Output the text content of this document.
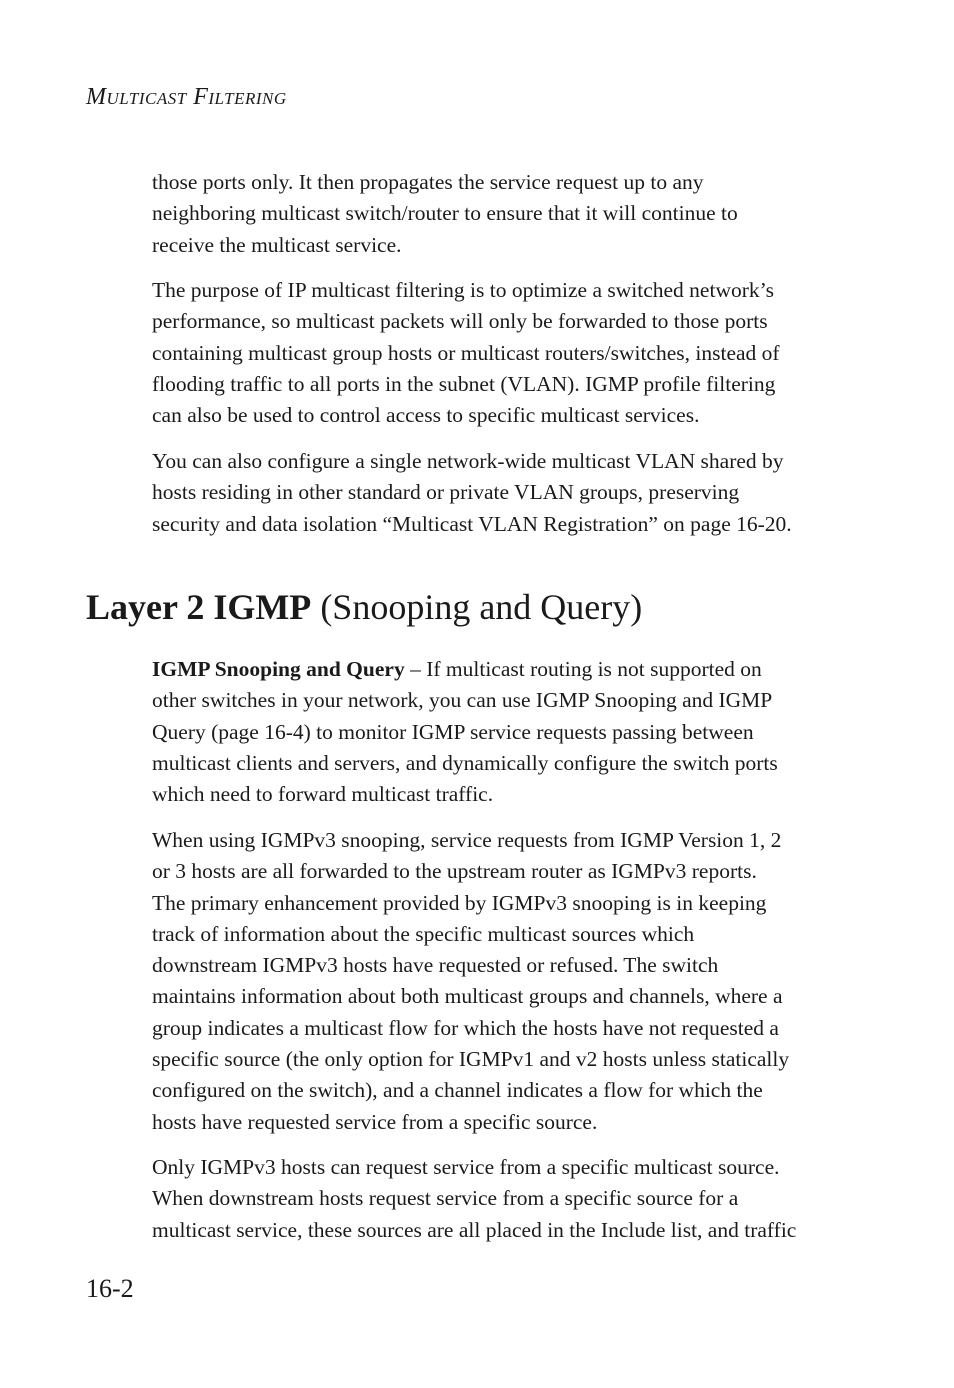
MULTICAST FILTERING
those ports only. It then propagates the service request up to any
neighboring multicast switch/router to ensure that it will continue to
receive the multicast service.
The purpose of IP multicast filtering is to optimize a switched network’s
performance, so multicast packets will only be forwarded to those ports
containing multicast group hosts or multicast routers/switches, instead of
flooding traffic to all ports in the subnet (VLAN). IGMP profile filtering
can also be used to control access to specific multicast services.
You can also configure a single network-wide multicast VLAN shared by
hosts residing in other standard or private VLAN groups, preserving
security and data isolation “Multicast VLAN Registration” on page 16-20.
Layer 2 IGMP (Snooping and Query)
IGMP Snooping and Query – If multicast routing is not supported on
other switches in your network, you can use IGMP Snooping and IGMP
Query (page 16-4) to monitor IGMP service requests passing between
multicast clients and servers, and dynamically configure the switch ports
which need to forward multicast traffic.
When using IGMPv3 snooping, service requests from IGMP Version 1, 2
or 3 hosts are all forwarded to the upstream router as IGMPv3 reports.
The primary enhancement provided by IGMPv3 snooping is in keeping
track of information about the specific multicast sources which
downstream IGMPv3 hosts have requested or refused. The switch
maintains information about both multicast groups and channels, where a
group indicates a multicast flow for which the hosts have not requested a
specific source (the only option for IGMPv1 and v2 hosts unless statically
configured on the switch), and a channel indicates a flow for which the
hosts have requested service from a specific source.
Only IGMPv3 hosts can request service from a specific multicast source.
When downstream hosts request service from a specific source for a
multicast service, these sources are all placed in the Include list, and traffic
16-2
